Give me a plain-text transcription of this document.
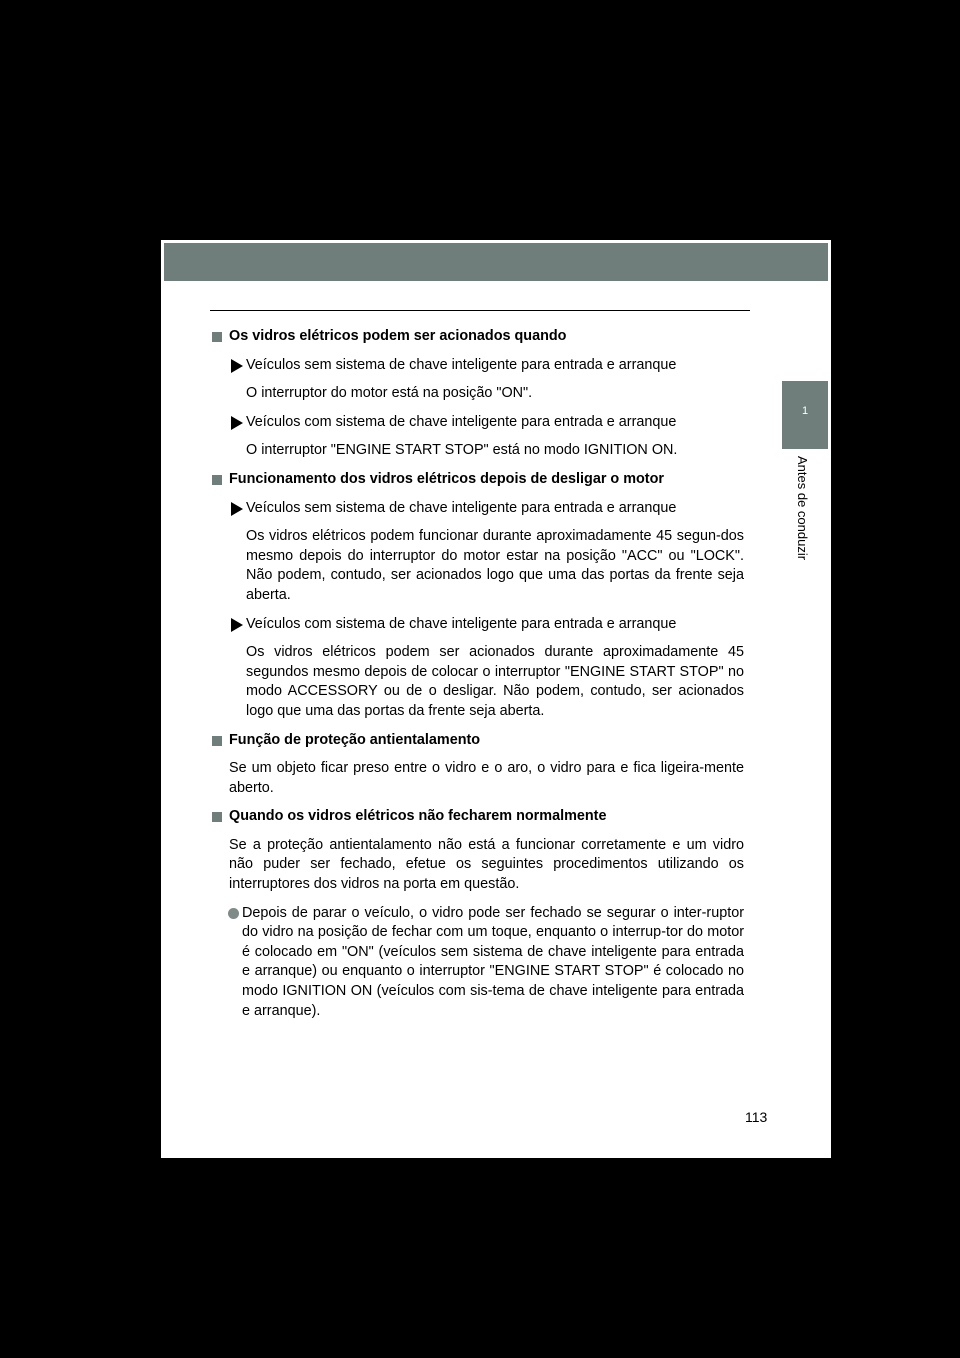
1
Antes de conduzir

Os vidros elétricos podem ser acionados quando

Veículos sem sistema de chave inteligente para entrada e arranque

O interruptor do motor está na posição "ON".

Veículos com sistema de chave inteligente para entrada e arranque

O interruptor "ENGINE START STOP" está no modo IGNITION ON.

Funcionamento dos vidros elétricos depois de desligar o motor

Veículos sem sistema de chave inteligente para entrada e arranque

Os vidros elétricos podem funcionar durante aproximadamente 45 segun-dos mesmo depois do interruptor do motor estar na posição "ACC" ou "LOCK". Não podem, contudo, ser acionados logo que uma das portas da frente seja aberta.

Veículos com sistema de chave inteligente para entrada e arranque

Os vidros elétricos podem ser acionados durante aproximadamente 45 segundos mesmo depois de colocar o interruptor "ENGINE START STOP" no modo ACCESSORY ou de o desligar. Não podem, contudo, ser acionados logo que uma das portas da frente seja aberta.

Função de proteção antientalamento

Se um objeto ficar preso entre o vidro e o aro, o vidro para e fica ligeira-mente aberto.

Quando os vidros elétricos não fecharem normalmente

Se a proteção antientalamento não está a funcionar corretamente e um vidro não puder ser fechado, efetue os seguintes procedimentos utilizando os interruptores dos vidros na porta em questão.

Depois de parar o veículo, o vidro pode ser fechado se segurar o inter-ruptor do vidro na posição de fechar com um toque, enquanto o interrup-tor do motor é colocado em "ON" (veículos sem sistema de chave inteligente para entrada e arranque) ou enquanto o interruptor "ENGINE START STOP" é colocado no modo IGNITION ON (veículos com sis-tema de chave inteligente para entrada e arranque).

113
